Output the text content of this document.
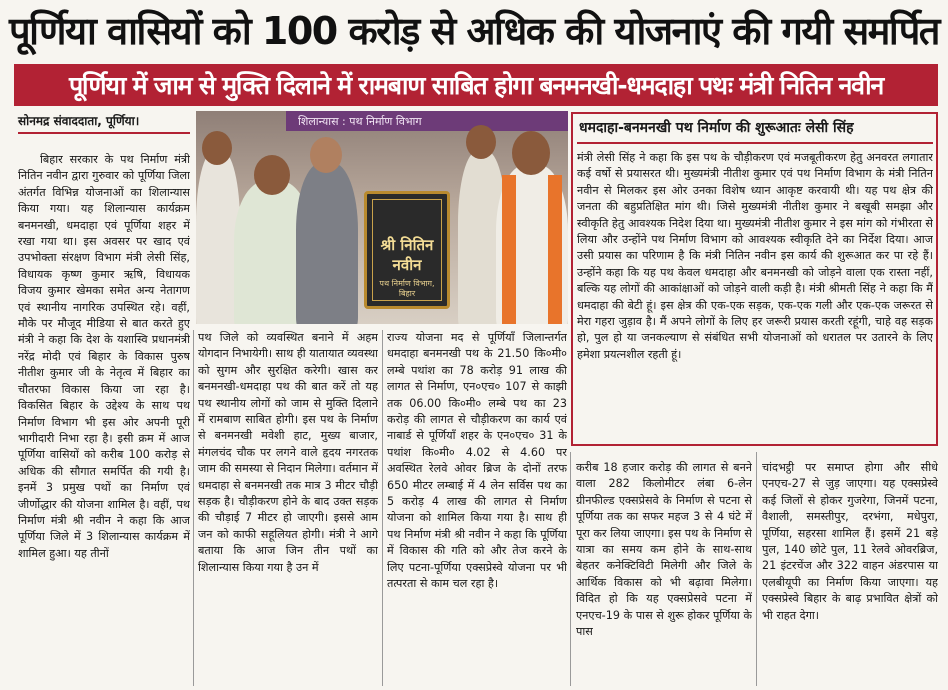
पूर्णिया वासियों को 100 करोड़ से अधिक की योजनाएं की गयी समर्पित
पूर्णिया में जाम से मुक्ति दिलाने में रामबाण साबित होगा बनमनखी-धमदाहा पथः मंत्री नितिन नवीन
सोनमद्र संवाददाता, पूर्णिया।	शिलान्यास : पथ निर्माण विभाग
श्री नितिन नवीन
पथ निर्माण विभाग, बिहार
धमदाहा-बनमनखी पथ निर्माण की शुरूआतः लेसी सिंह
मंत्री लेसी सिंह ने कहा कि इस पथ के चौड़ीकरण एवं मजबूतीकरण हेतु अनवरत लगातार कई वर्षो से प्रयासरत थी। मुख्यमंत्री नीतीश कुमार एवं पथ निर्माण विभाग के मंत्री नितिन नवीन से मिलकर इस ओर उनका विशेष ध्यान आकृष्ट करवायी थी। यह पथ क्षेत्र की जनता की बहुप्रतिक्षित मांग थी। जिसे मुख्यमंत्री नीतीश कुमार ने बखूबी समझा और स्वीकृति हेतु आवश्यक निदेश दिया था। मुख्यमंत्री नीतीश कुमार ने इस मांग को गंभीरता से लिया और उन्होंने पथ निर्माण विभाग को आवश्यक स्वीकृति देने का निर्देश दिया। आज उसी प्रयास का परिणाम है कि मंत्री नितिन नवीन इस कार्य की शुरूआत कर पा रहे हैं। उन्होंने कहा कि यह पथ केवल धमदाहा और बनमनखी को जोड़ने वाला एक रास्ता नहीं, बल्कि यह लोगों की आकांक्षाओं को जोड़ने वाली कड़ी है। मंत्री श्रीमती सिंह ने कहा कि मैं धमदाहा की बेटी हूं। इस क्षेत्र की एक-एक सड़क, एक-एक गली और एक-एक जरूरत से मेरा गहरा जुड़ाव है। मैं अपने लोगों के लिए हर जरूरी प्रयास करती रहूंगी, चाहे वह सड़क हो, पुल हो या जनकल्याण से संबंधित सभी योजनाओं को धरातल पर उतारने के लिए हमेशा प्रयत्नशील रहती हूं।
बिहार सरकार के पथ निर्माण मंत्री नितिन नवीन द्वारा गुरुवार को पूर्णिया जिला अंतर्गत विभिन्न योजनाओं का शिलान्यास किया गया। यह शिलान्यास कार्यक्रम बनमनखी, धमदाहा एवं पूर्णिया शहर में रखा गया था। इस अवसर पर खाद एवं उपभोक्ता संरक्षण विभाग मंत्री लेसी सिंह, विधायक कृष्ण कुमार ऋषि, विधायक विजय कुमार खेमका समेत अन्य नेतागण एवं स्थानीय नागरिक उपस्थित रहे। वहीं, मौके पर मौजूद मीडिया से बात करते हुए मंत्री ने कहा कि देश के यशास्वि प्रधानमंत्री नरेंद्र मोदी एवं बिहार के विकास पुरुष नीतीश कुमार जी के नेतृत्व में बिहार का चौतरफा विकास किया जा रहा है। विकसित बिहार के उद्देश्य के साथ पथ निर्माण विभाग भी इस ओर अपनी पूरी भागीदारी निभा रहा है। इसी क्रम में आज पूर्णिया वासियों को करीब 100 करोड़ से अधिक की सौगात समर्पित की गयी है। इनमें 3 प्रमुख पथों का निर्माण एवं जीर्णोद्धार की योजना शामिल है। वहीं, पथ निर्माण मंत्री श्री नवीन ने कहा कि आज पूर्णिया जिले में 3 शिलान्यास कार्यक्रम में शामिल हुआ। यह तीनों
पथ जिले को व्यवस्थित बनाने में अहम योगदान निभायेगी। साथ ही यातायात व्यवस्था को सुगम और सुरक्षित करेगी। खास कर बनमनखी-धमदाहा पथ की बात करें तो यह पथ स्थानीय लोगों को जाम से मुक्ति दिलाने में रामबाण साबित होगी। इस पथ के निर्माण से बनमनखी मवेशी हाट, मुख्य बाजार, मंगलचंद चौक पर लगने वाले हृदय नगरतक जाम की समस्या से निदान मिलेगा। वर्तमान में धमदाहा से बनमनखी तक मात्र 3 मीटर चौड़ी सड़क है। चौड़ीकरण होने के बाद उक्त सड़क की चौड़ाई 7 मीटर हो जाएगी। इससे आम जन को काफी सहूलियत होगी। मंत्री ने आगे बताया कि आज जिन तीन पथों का शिलान्यास किया गया है उन में
राज्य योजना मद से पूर्णियाँ जिलान्तर्गत धमदाहा बनमनखी पथ के 21.50 कि०मी० लम्बे पथांश का 78 करोड़ 91 लाख की लागत से निर्माण, एन०एच० 107 से काझी तक 06.00 कि०मी० लम्बे पथ का 23 करोड़ की लागत से चौड़ीकरण का कार्य एवं नाबार्ड से पूर्णियाँ शहर के एन०एच० 31 के पथांश कि०मी० 4.02 से 4.60 पर अवस्थित रेलवे ओवर ब्रिज के दोनों तरफ 650 मीटर लम्बाई में 4 लेन सर्विस पथ का 5 करोड़ 4 लाख की लागत से निर्माण योजना को शामिल किया गया है। साथ ही पथ निर्माण मंत्री श्री नवीन ने कहा कि पूर्णिया में विकास की गति को और तेज करने के लिए पटना-पूर्णिया एक्सप्रेस्वे योजना पर भी तत्परता से काम चल रहा है।
करीब 18 हजार करोड़ की लागत से बनने वाला 282 किलोमीटर लंबा 6-लेन ग्रीनफील्ड एक्सप्रेसवे के निर्माण से पटना से पूर्णिया तक का सफर महज 3 से 4 घंटे में पूरा कर लिया जाएगा। इस पथ के निर्माण से यात्रा का समय कम होने के साथ-साथ बेहतर कनेक्टिविटी मिलेगी और जिले के आर्थिक विकास को भी बढ़ावा मिलेगा। विदित हो कि यह एक्सप्रेसवे पटना में एनएच-19 के पास से शुरू होकर पूर्णिया के पास
चांदभट्ठी पर समाप्त होगा और सीधे एनएच-27 से जुड़ जाएगा। यह एक्सप्रेस्वे कई जिलों से होकर गुजरेगा, जिनमें पटना, वैशाली, समस्तीपुर, दरभंगा, मधेपुरा, पूर्णिया, सहरसा शामिल हैं। इसमें 21 बड़े पुल, 140 छोटे पुल, 11 रेलवे ओवरब्रिज, 21 इंटरचेंज और 322 वाहन अंडरपास या एलबीयूपी का निर्माण किया जाएगा। यह एक्सप्रेस्वे बिहार के बाढ़ प्रभावित क्षेत्रों को भी राहत देगा।
